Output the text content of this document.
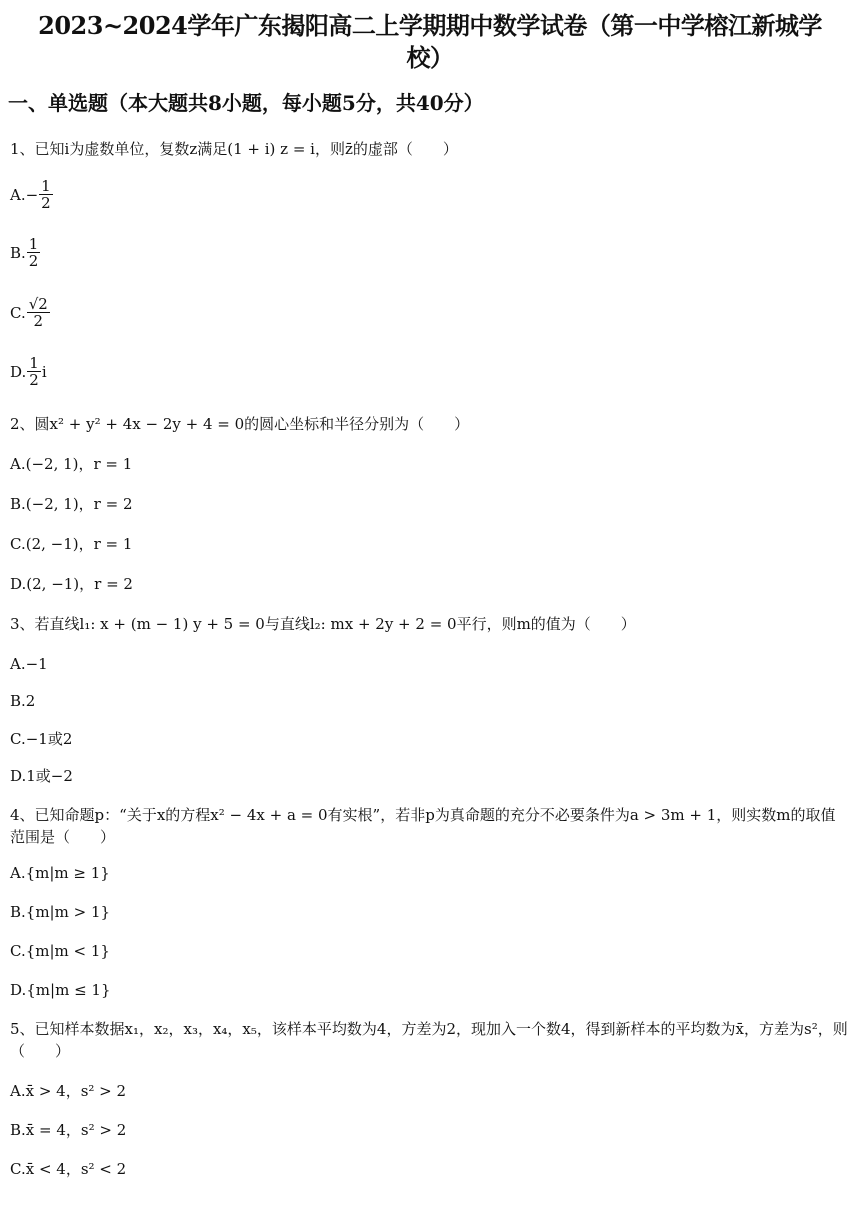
2023~2024学年广东揭阳高二上学期期中数学试卷（第一中学榕江新城学
校）
一、单选题（本大题共8小题，每小题5分，共40分）
1、已知i为虚数单位，复数z满足(1 + i) z = i，则z̄的虚部（　　）
$A.- \frac{1}{2}$
B. $\frac{1}{2}$
C. $\frac{√2}{2}$
D. $\frac{1}{2}$ i
2、圆x² + y² + 4x − 2y + 4 = 0的圆心坐标和半径分别为（　　）
A.(−2, 1)，r = 1
B.(−2, 1)，r = 2
C.(2, −1)，r = 1
D.(2, −1)，r = 2
3、若直线l₁: x + (m − 1) y + 5 = 0与直线l₂: mx + 2y + 2 = 0平行，则m的值为（　　）
A.−1
B.2
C.−1或2
D.1或−2
4、已知命题p：“关于x的方程x² − 4x + a = 0有实根”，若非p为真命题的充分不必要条件为a > 3m + 1，则实数m的取值范围是（　　）
A.{m|m ≥ 1}
B.{m|m > 1}
C.{m|m < 1}
D.{m|m ≤ 1}
5、已知样本数据x₁，x₂，x₃，x₄，x₅，该样本平均数为4，方差为2，现加入一个数4，得到新样本的平均数为x̄，方差为s²，则（　　）
A.x̄ > 4，s² > 2
B.x̄ = 4，s² > 2
C.x̄ < 4，s² < 2
